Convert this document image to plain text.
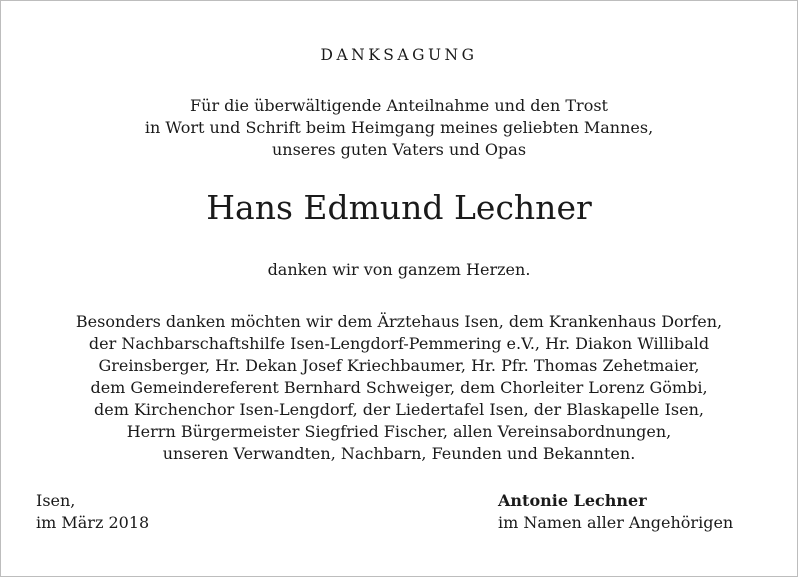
DANKSAGUNG
Für die überwältigende Anteilnahme und den Trost
in Wort und Schrift beim Heimgang meines geliebten Mannes,
unseres guten Vaters und Opas
Hans Edmund Lechner
danken wir von ganzem Herzen.
Besonders danken möchten wir dem Ärztehaus Isen, dem Krankenhaus Dorfen,
der Nachbarschaftshilfe Isen-Lengdorf-Pemmering e.V., Hr. Diakon Willibald
Greinsberger, Hr. Dekan Josef Kriechbaumer, Hr. Pfr. Thomas Zehetmaier,
dem Gemeindereferent Bernhard Schweiger, dem Chorleiter Lorenz Gömbi,
dem Kirchenchor Isen-Lengdorf, der Liedertafel Isen, der Blaskapelle Isen,
Herrn Bürgermeister Siegfried Fischer, allen Vereinsabordnungen,
unseren Verwandten, Nachbarn, Feunden und Bekannten.
Isen,
im März 2018
Antonie Lechner
im Namen aller Angehörigen
